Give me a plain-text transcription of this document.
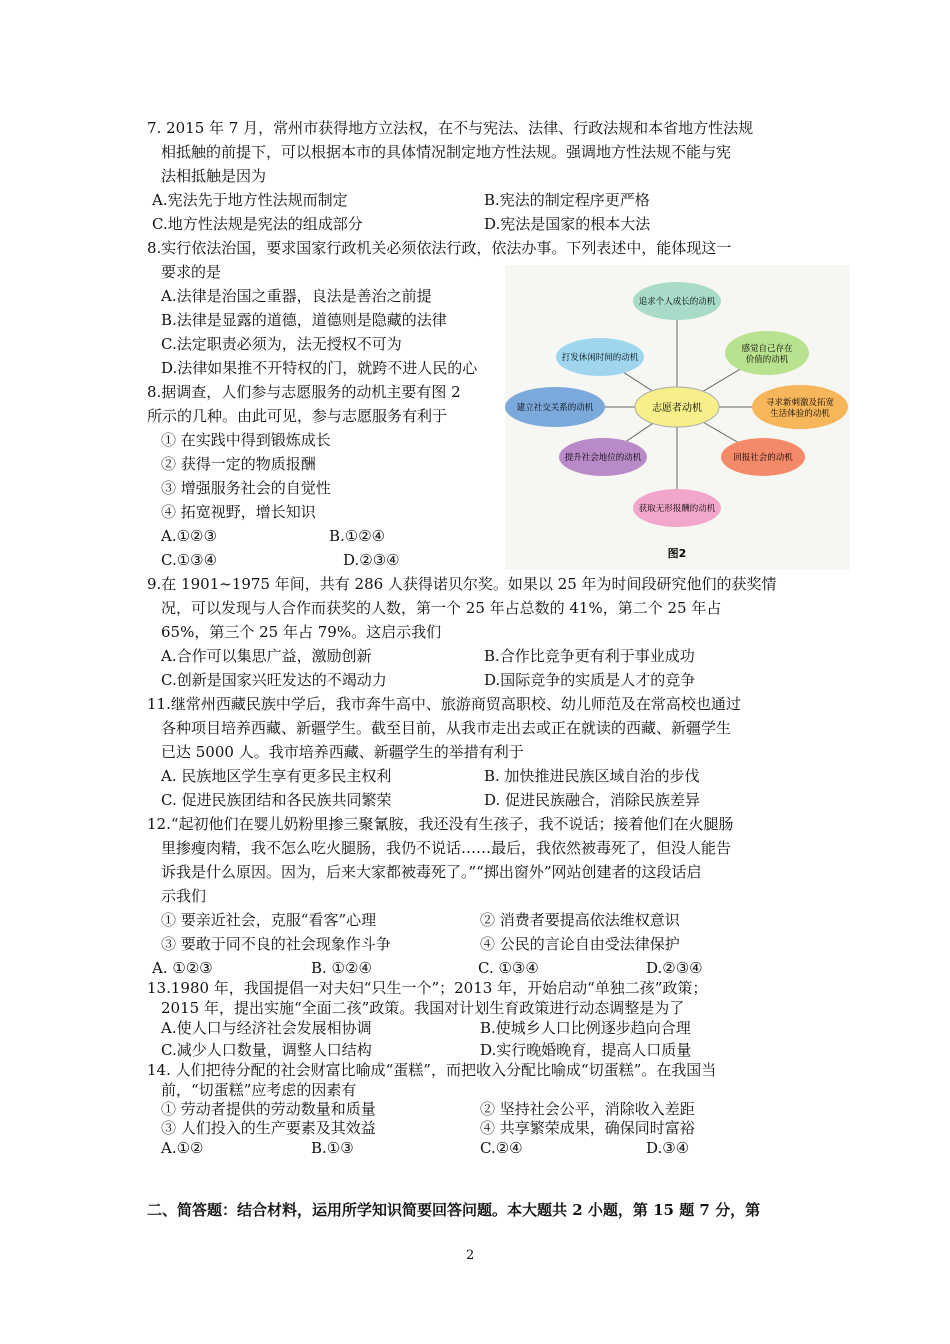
7. 2015 年 7 月，常州市获得地方立法权，在不与宪法、法律、行政法规和本省地方性法规
相抵触的前提下，可以根据本市的具体情况制定地方性法规。强调地方性法规不能与宪
法相抵触是因为
A.宪法先于地方性法规而制定	B.宪法的制定程序更严格
C.地方性法规是宪法的组成部分	D.宪法是国家的根本大法
8.实行依法治国，要求国家行政机关必须依法行政，依法办事。下列表述中，能体现这一
要求的是
A.法律是治国之重器，良法是善治之前提
B.法律是显露的道德，道德则是隐藏的法律
C.法定职责必须为，法无授权不可为
D.法律如果推不开特权的门，就跨不进人民的心
8.据调查，人们参与志愿服务的动机主要有图 2
所示的几种。由此可见，参与志愿服务有利于
① 在实践中得到锻炼成长
② 获得一定的物质报酬
③ 增强服务社会的自觉性
④ 拓宽视野，增长知识
A.①②③	B.①②④
C.①③④	D.②③④
追求个人成长的动机
感觉自己存在价值的动机
寻求新刺激及拓宽生活体验的动机
回报社会的动机
获取无形报酬的动机
提升社会地位的动机
建立社交关系的动机
打发休闲时间的动机
志愿者动机
图2
9.在 1901~1975 年间，共有 286 人获得诺贝尔奖。如果以 25 年为时间段研究他们的获奖情
况，可以发现与人合作而获奖的人数，第一个 25 年占总数的 41%，第二个 25 年占
65%，第三个 25 年占 79%。这启示我们
A.合作可以集思广益，激励创新	B.合作比竞争更有利于事业成功
C.创新是国家兴旺发达的不竭动力	D.国际竞争的实质是人才的竞争
11.继常州西藏民族中学后，我市奔牛高中、旅游商贸高职校、幼儿师范及在常高校也通过
各种项目培养西藏、新疆学生。截至目前，从我市走出去或正在就读的西藏、新疆学生
已达 5000 人。我市培养西藏、新疆学生的举措有利于
A. 民族地区学生享有更多民主权利	B. 加快推进民族区域自治的步伐
C. 促进民族团结和各民族共同繁荣	D. 促进民族融合，消除民族差异
12.“起初他们在婴儿奶粉里掺三聚氰胺，我还没有生孩子，我不说话；接着他们在火腿肠
里掺瘦肉精，我不怎么吃火腿肠，我仍不说话……最后，我依然被毒死了，但没人能告
诉我是什么原因。因为，后来大家都被毒死了。”“掷出窗外”网站创建者的这段话启
示我们
① 要亲近社会，克服“看客”心理	② 消费者要提高依法维权意识
③ 要敢于同不良的社会现象作斗争	④ 公民的言论自由受法律保护
A. ①②③	B. ①②④	C. ①③④	D.②③④
13.1980 年，我国提倡一对夫妇“只生一个”；2013 年，开始启动“单独二孩”政策；
2015 年，提出实施“全面二孩”政策。我国对计划生育政策进行动态调整是为了
A.使人口与经济社会发展相协调	B.使城乡人口比例逐步趋向合理
C.减少人口数量，调整人口结构	D.实行晚婚晚育，提高人口质量
14. 人们把待分配的社会财富比喻成“蛋糕”，而把收入分配比喻成“切蛋糕”。在我国当
前，“切蛋糕”应考虑的因素有
① 劳动者提供的劳动数量和质量	② 坚持社会公平，消除收入差距
③ 人们投入的生产要素及其效益	④ 共享繁荣成果，确保同时富裕
A.①②	B.①③	C.②④	D.③④
二、简答题：结合材料，运用所学知识简要回答问题。本大题共 2 小题，第 15 题 7 分，第
2
